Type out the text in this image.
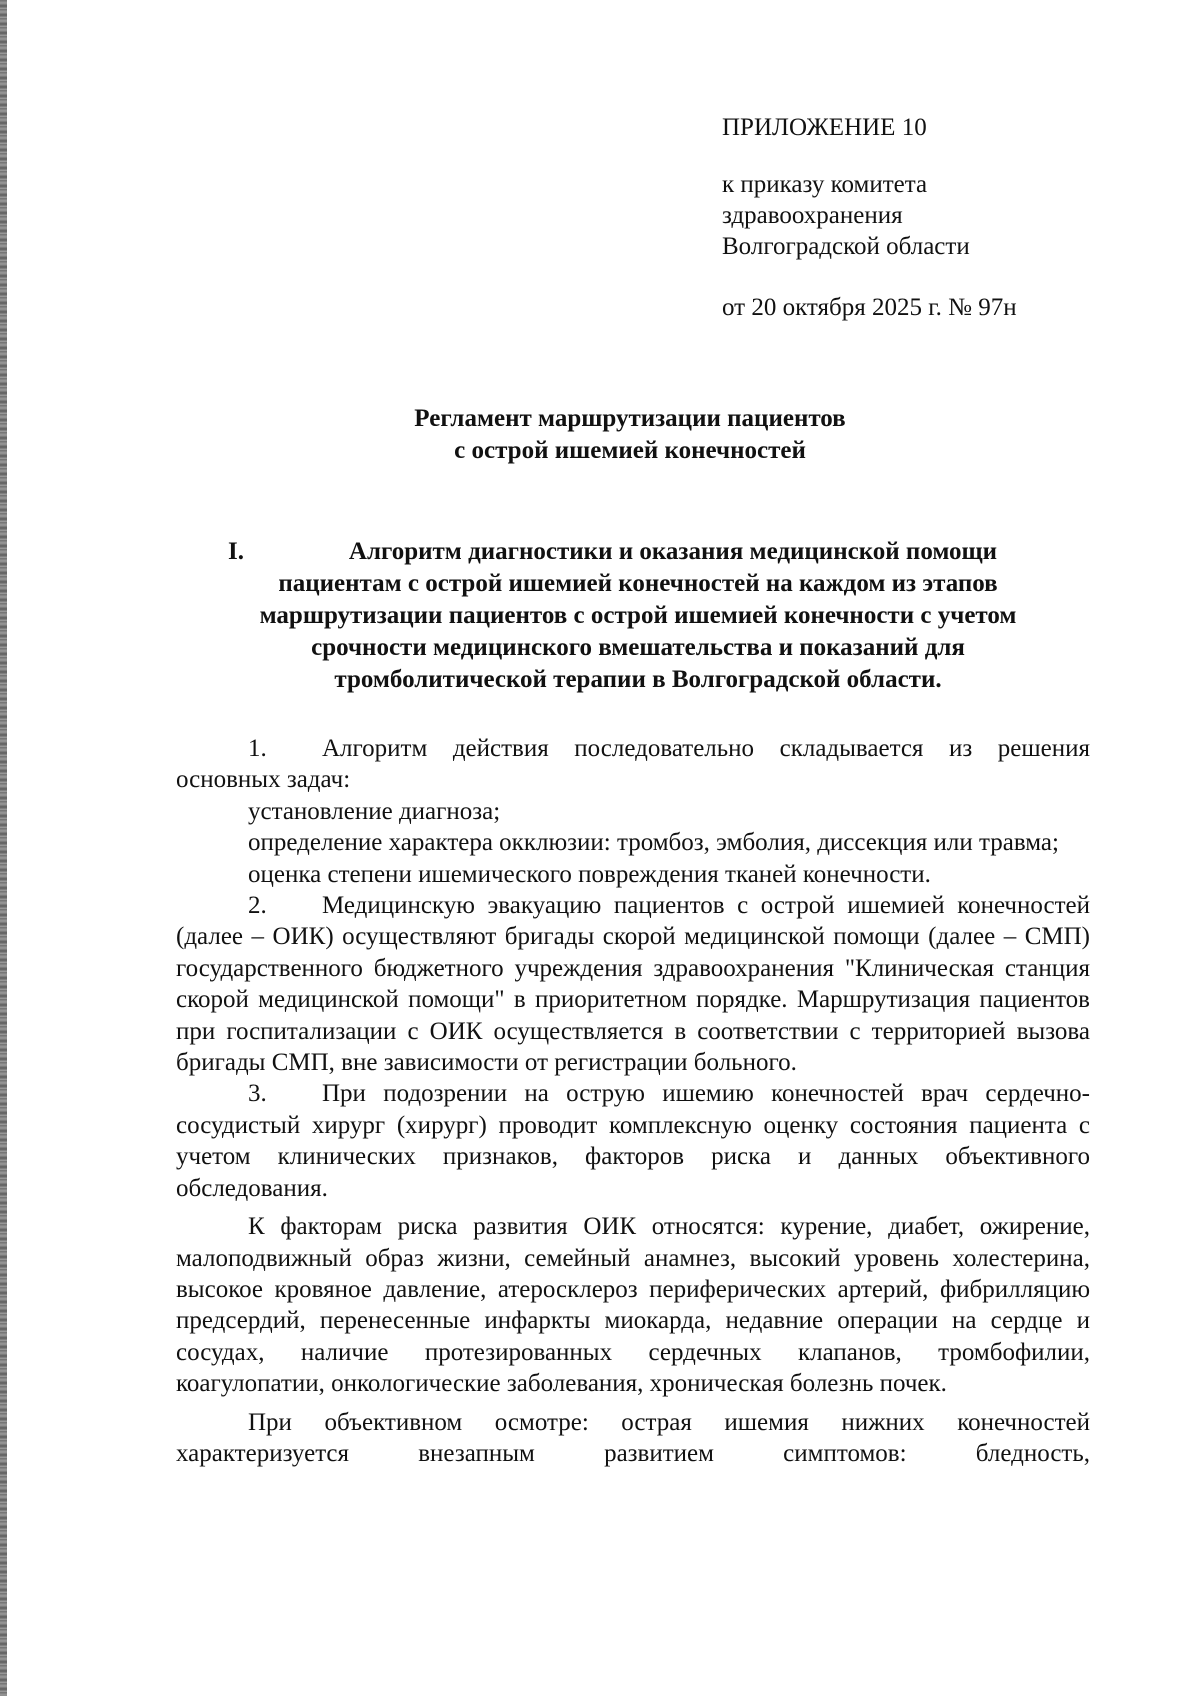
ПРИЛОЖЕНИЕ 10
к приказу комитета
здравоохранения
Волгоградской области
от 20 октября 2025 г. № 97н
Регламент маршрутизации пациентов
с острой ишемией конечностей
I.	Алгоритм диагностики и оказания медицинской помощи
пациентам с острой ишемией конечностей на каждом из этапов
маршрутизации пациентов с острой ишемией конечности с учетом
срочности медицинского вмешательства и показаний для
тромболитической терапии в Волгоградской области.

1. Алгоритм действия последовательно складывается из решения основных задач:

установление диагноза;

определение характера окклюзии: тромбоз, эмболия, диссекция или травма;

оценка степени ишемического повреждения тканей конечности.

2. Медицинскую эвакуацию пациентов с острой ишемией конечностей (далее – ОИК) осуществляют бригады скорой медицинской помощи (далее – СМП) государственного бюджетного учреждения здравоохранения "Клиническая станция скорой медицинской помощи" в приоритетном порядке. Маршрутизация пациентов при госпитализации с ОИК осуществляется в соответствии с территорией вызова бригады СМП, вне зависимости от регистрации больного.

3. При подозрении на острую ишемию конечностей врач сердечно-сосудистый хирург (хирург) проводит комплексную оценку состояния пациента с учетом клинических признаков, факторов риска и данных объективного обследования.

К факторам риска развития ОИК относятся: курение, диабет, ожирение, малоподвижный образ жизни, семейный анамнез, высокий уровень холестерина, высокое кровяное давление, атеросклероз периферических артерий, фибрилляцию предсердий, перенесенные инфаркты миокарда, недавние операции на сердце и сосудах, наличие протезированных сердечных клапанов, тромбофилии, коагулопатии, онкологические заболевания, хроническая болезнь почек.

При объективном осмотре: острая ишемия нижних конечностей характеризуется внезапным развитием симптомов: бледность,
